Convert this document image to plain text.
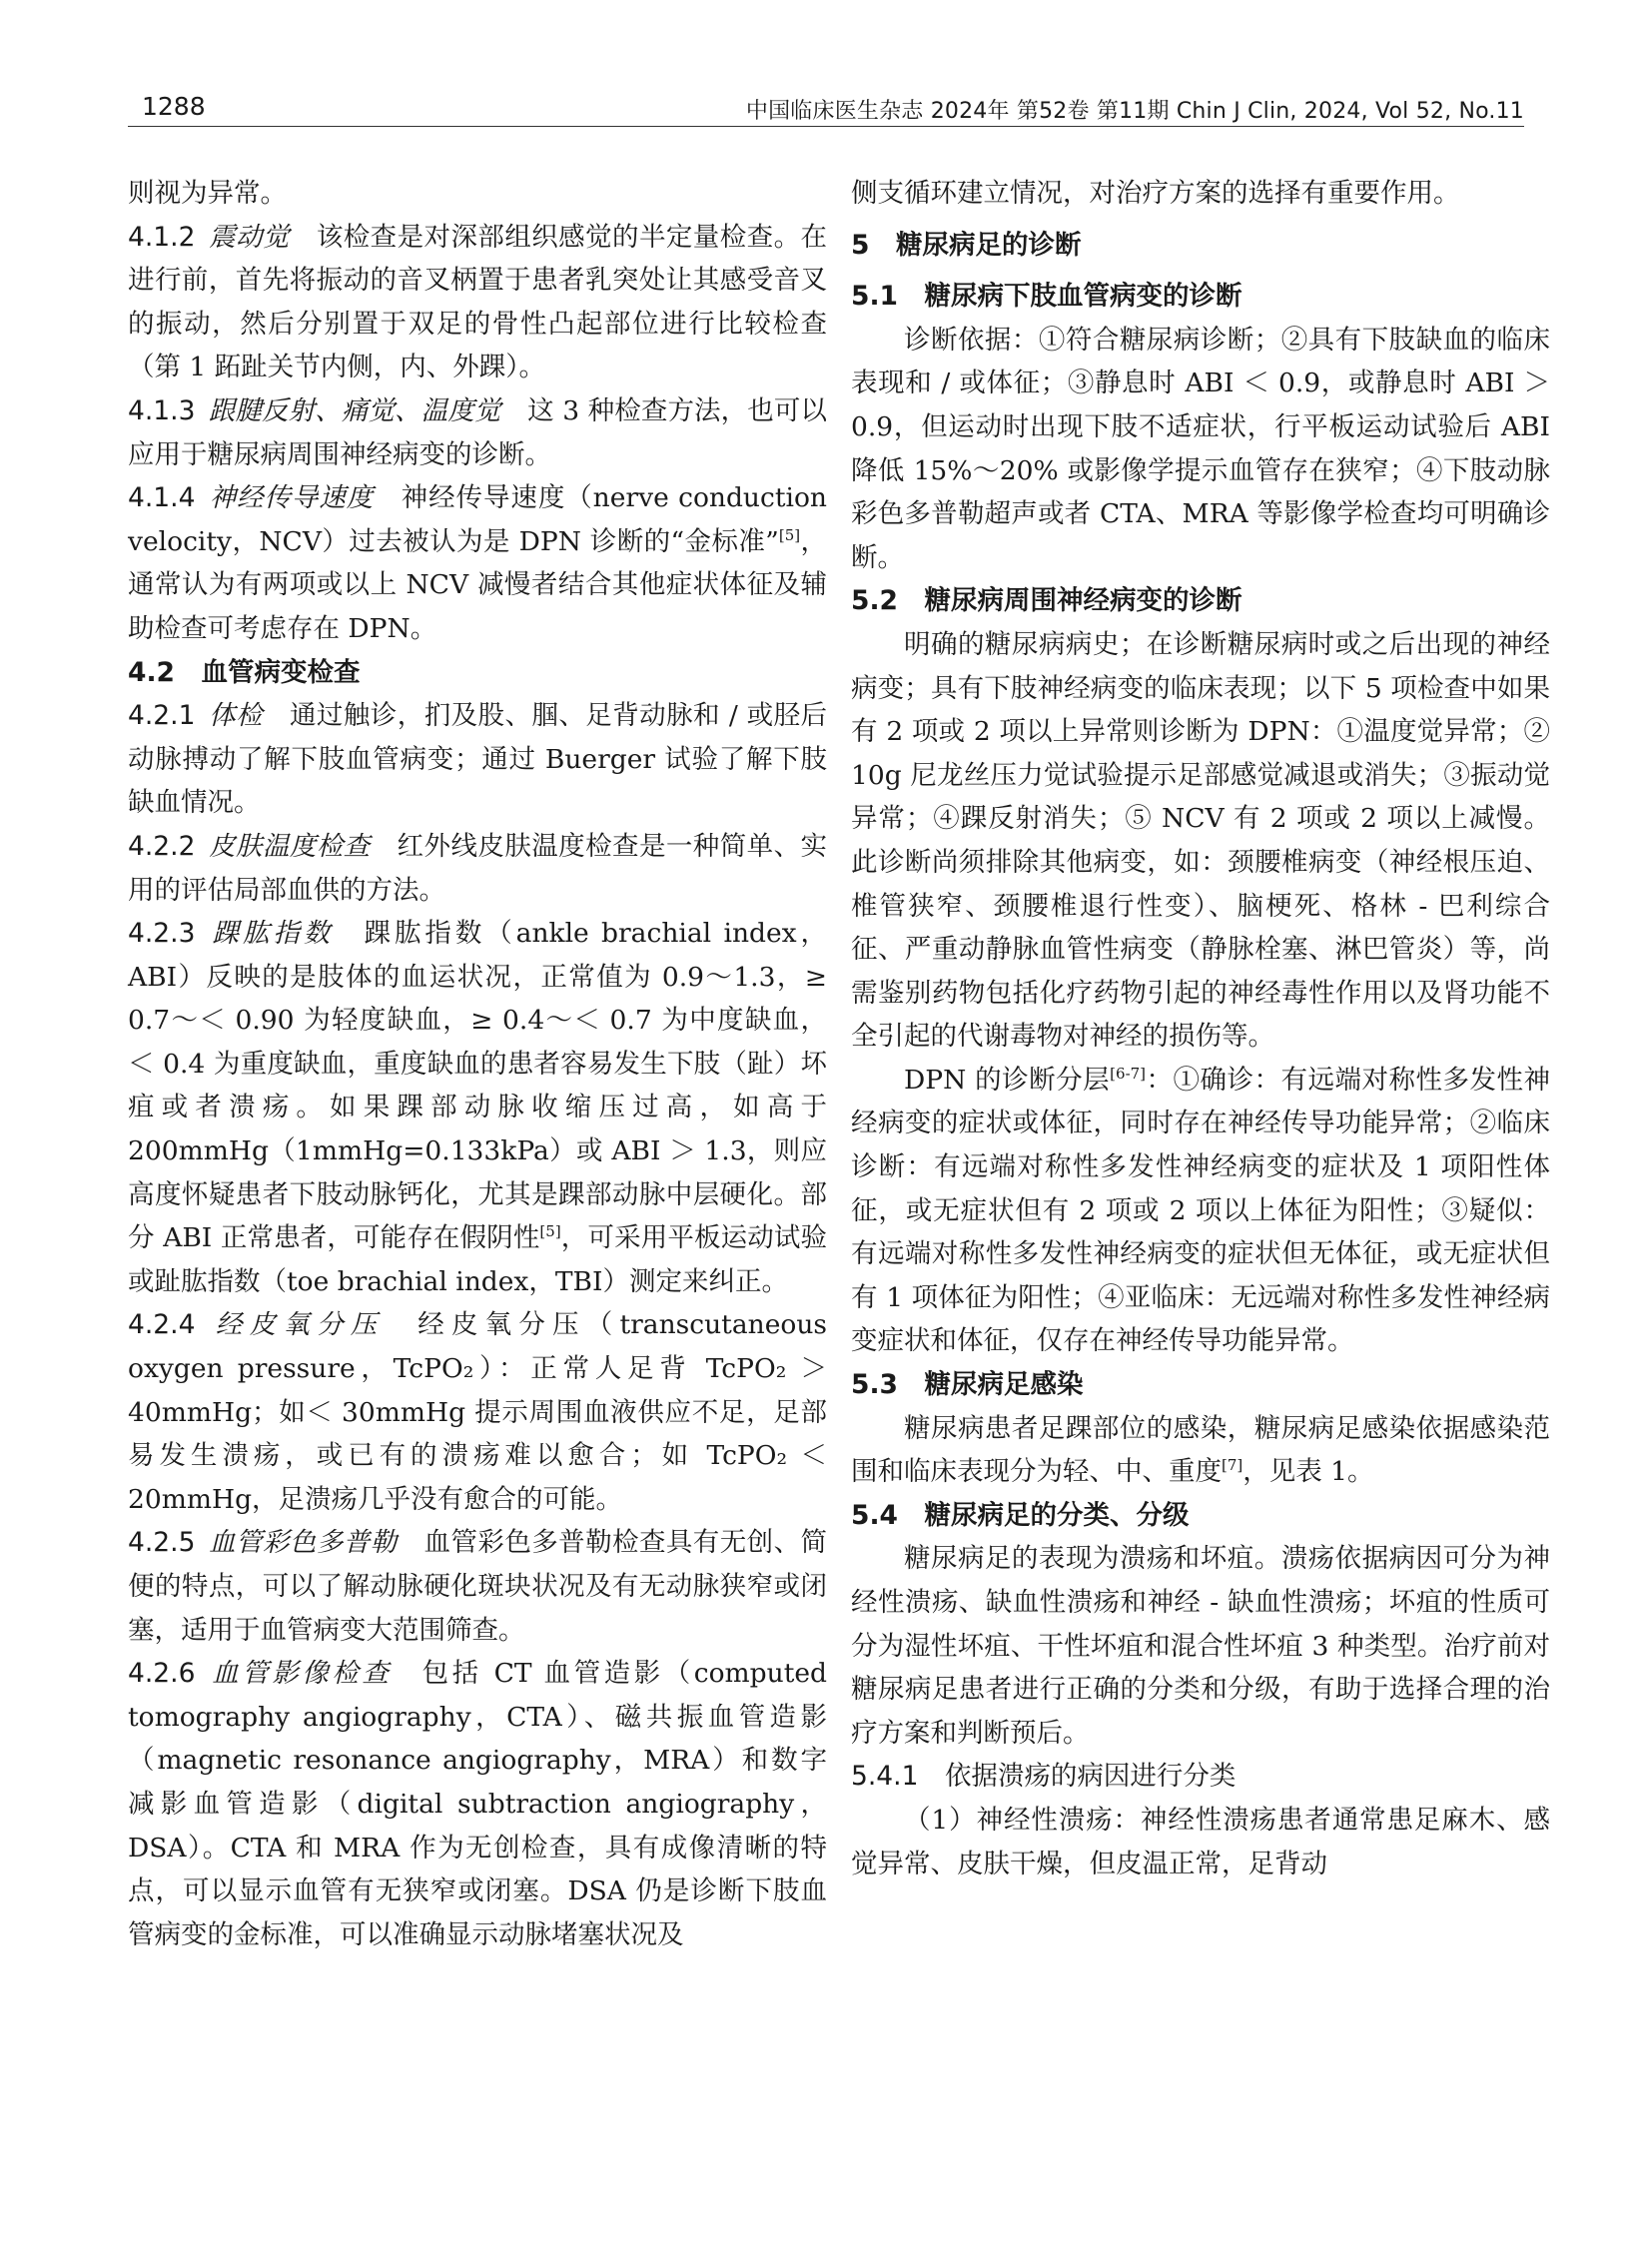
1288	中国临床医生杂志 2024年 第52卷 第11期 Chin J Clin, 2024, Vol 52, No.11

则视为异常。

4.1.2  震动觉  该检查是对深部组织感觉的半定量检查。在进行前，首先将振动的音叉柄置于患者乳突处让其感受音叉的振动，然后分别置于双足的骨性凸起部位进行比较检查（第 1 跖趾关节内侧，内、外踝）。

4.1.3  跟腱反射、痛觉、温度觉  这 3 种检查方法，也可以应用于糖尿病周围神经病变的诊断。

4.1.4  神经传导速度  神经传导速度（nerve conduction velocity，NCV）过去被认为是 DPN 诊断的“金标准”[5]，通常认为有两项或以上 NCV 减慢者结合其他症状体征及辅助检查可考虑存在 DPN。

4.2  血管病变检查

4.2.1  体检  通过触诊，扪及股、腘、足背动脉和 / 或胫后动脉搏动了解下肢血管病变；通过 Buerger 试验了解下肢缺血情况。

4.2.2  皮肤温度检查  红外线皮肤温度检查是一种简单、实用的评估局部血供的方法。

4.2.3  踝肱指数  踝肱指数（ankle brachial index，ABI）反映的是肢体的血运状况，正常值为 0.9～1.3，≥ 0.7～＜ 0.90 为轻度缺血，≥ 0.4～＜ 0.7 为中度缺血，＜ 0.4 为重度缺血，重度缺血的患者容易发生下肢（趾）坏疽或者溃疡。如果踝部动脉收缩压过高，如高于 200mmHg（1mmHg=0.133kPa）或 ABI ＞ 1.3，则应高度怀疑患者下肢动脉钙化，尤其是踝部动脉中层硬化。部分 ABI 正常患者，可能存在假阴性[5]，可采用平板运动试验或趾肱指数（toe brachial index，TBI）测定来纠正。

4.2.4  经皮氧分压  经皮氧分压（transcutaneous oxygen pressure，TcPO₂）：正常人足背 TcPO₂ ＞ 40mmHg；如＜ 30mmHg 提示周围血液供应不足，足部易发生溃疡，或已有的溃疡难以愈合；如 TcPO₂ ＜ 20mmHg，足溃疡几乎没有愈合的可能。

4.2.5  血管彩色多普勒  血管彩色多普勒检查具有无创、简便的特点，可以了解动脉硬化斑块状况及有无动脉狭窄或闭塞，适用于血管病变大范围筛查。

4.2.6  血管影像检查  包括 CT 血管造影（computed tomography angiography，CTA）、磁共振血管造影（magnetic resonance angiography，MRA）和数字减影血管造影（digital subtraction angiography，DSA）。CTA 和 MRA 作为无创检查，具有成像清晰的特点，可以显示血管有无狭窄或闭塞。DSA 仍是诊断下肢血管病变的金标准，可以准确显示动脉堵塞状况及

侧支循环建立情况，对治疗方案的选择有重要作用。

5  糖尿病足的诊断

5.1  糖尿病下肢血管病变的诊断

诊断依据：①符合糖尿病诊断；②具有下肢缺血的临床表现和 / 或体征；③静息时 ABI ＜ 0.9，或静息时 ABI ＞ 0.9，但运动时出现下肢不适症状，行平板运动试验后 ABI 降低 15%～20% 或影像学提示血管存在狭窄；④下肢动脉彩色多普勒超声或者 CTA、MRA 等影像学检查均可明确诊断。

5.2  糖尿病周围神经病变的诊断

明确的糖尿病病史；在诊断糖尿病时或之后出现的神经病变；具有下肢神经病变的临床表现；以下 5 项检查中如果有 2 项或 2 项以上异常则诊断为 DPN：①温度觉异常；② 10g 尼龙丝压力觉试验提示足部感觉减退或消失；③振动觉异常；④踝反射消失；⑤ NCV 有 2 项或 2 项以上减慢。此诊断尚须排除其他病变，如：颈腰椎病变（神经根压迫、椎管狭窄、颈腰椎退行性变）、脑梗死、格林 - 巴利综合征、严重动静脉血管性病变（静脉栓塞、淋巴管炎）等，尚需鉴别药物包括化疗药物引起的神经毒性作用以及肾功能不全引起的代谢毒物对神经的损伤等。

DPN 的诊断分层[6-7]：①确诊：有远端对称性多发性神经病变的症状或体征，同时存在神经传导功能异常；②临床诊断：有远端对称性多发性神经病变的症状及 1 项阳性体征，或无症状但有 2 项或 2 项以上体征为阳性；③疑似：有远端对称性多发性神经病变的症状但无体征，或无症状但有 1 项体征为阳性；④亚临床：无远端对称性多发性神经病变症状和体征，仅存在神经传导功能异常。

5.3  糖尿病足感染

糖尿病患者足踝部位的感染，糖尿病足感染依据感染范围和临床表现分为轻、中、重度[7]，见表 1。

5.4  糖尿病足的分类、分级

糖尿病足的表现为溃疡和坏疽。溃疡依据病因可分为神经性溃疡、缺血性溃疡和神经 - 缺血性溃疡；坏疽的性质可分为湿性坏疽、干性坏疽和混合性坏疽 3 种类型。治疗前对糖尿病足患者进行正确的分类和分级，有助于选择合理的治疗方案和判断预后。

5.4.1  依据溃疡的病因进行分类

（1）神经性溃疡：神经性溃疡患者通常患足麻木、感觉异常、皮肤干燥，但皮温正常，足背动
